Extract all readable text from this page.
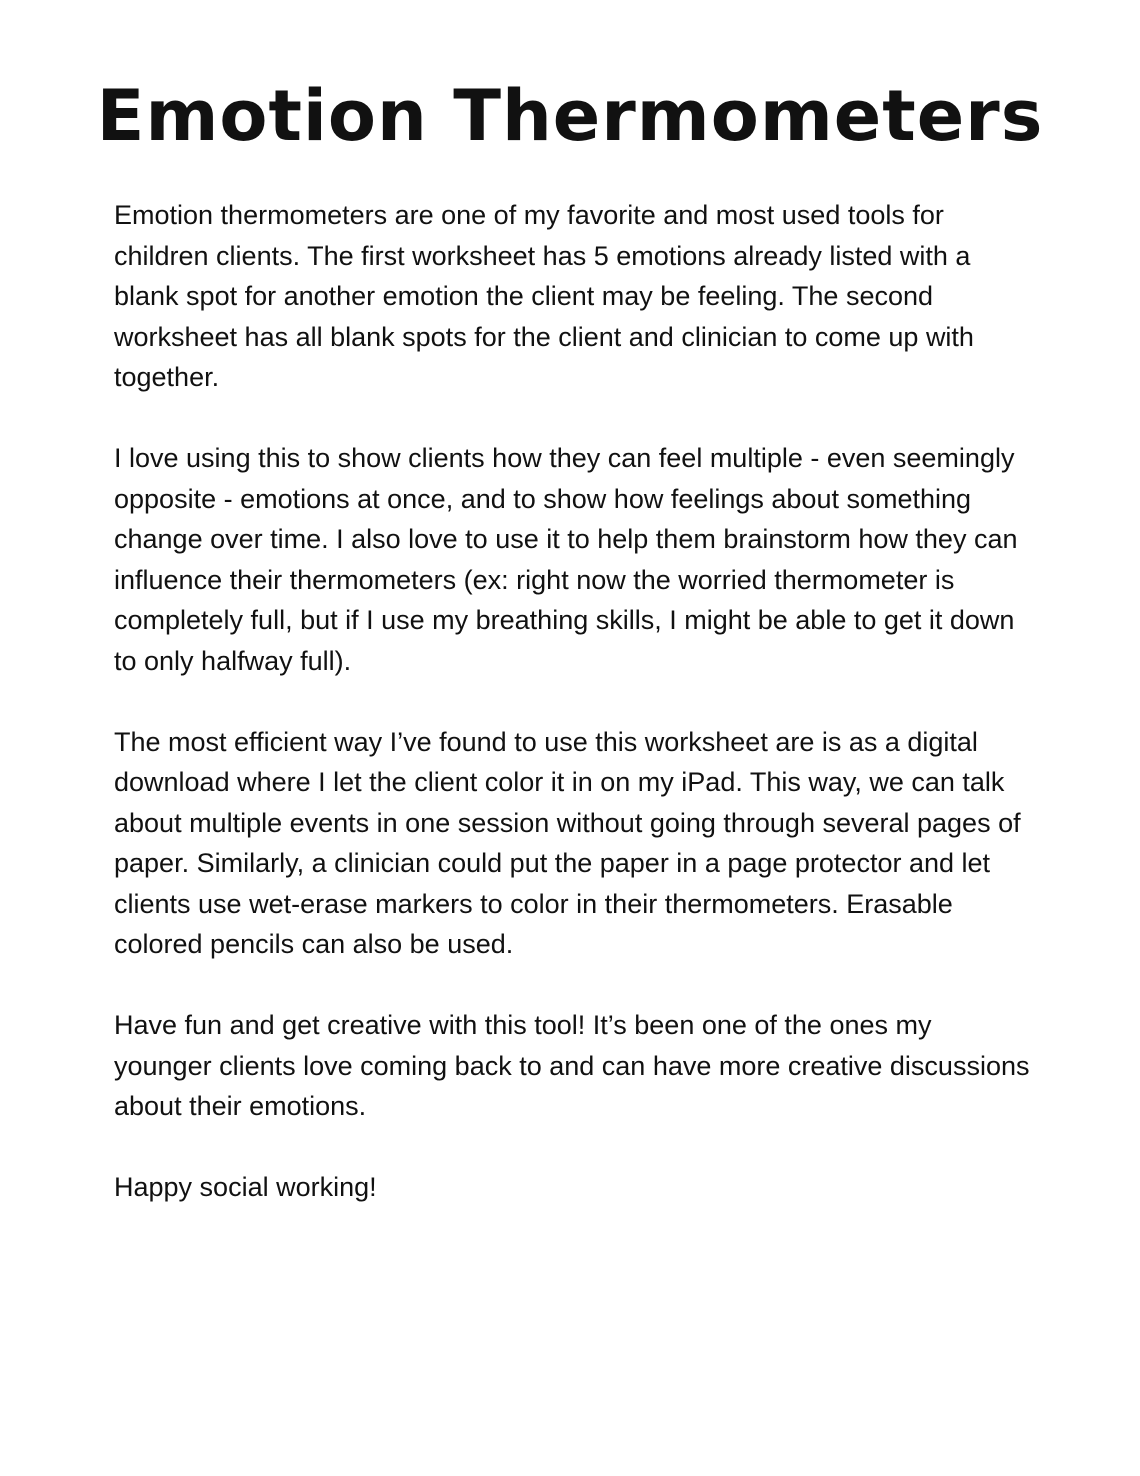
Emotion Thermometers

Emotion thermometers are one of my favorite and most used tools for children clients. The first worksheet has 5 emotions already listed with a blank spot for another emotion the client may be feeling. The second worksheet has all blank spots for the client and clinician to come up with together.

I love using this to show clients how they can feel multiple - even seemingly opposite - emotions at once, and to show how feelings about something change over time. I also love to use it to help them brainstorm how they can influence their thermometers (ex: right now the worried thermometer is completely full, but if I use my breathing skills, I might be able to get it down to only halfway full).

The most efficient way I’ve found to use this worksheet are is as a digital download where I let the client color it in on my iPad. This way, we can talk about multiple events in one session without going through several pages of paper. Similarly, a clinician could put the paper in a page protector and let clients use wet-erase markers to color in their thermometers. Erasable colored pencils can also be used.

Have fun and get creative with this tool! It’s been one of the ones my younger clients love coming back to and can have more creative discussions about their emotions.

Happy social working!
